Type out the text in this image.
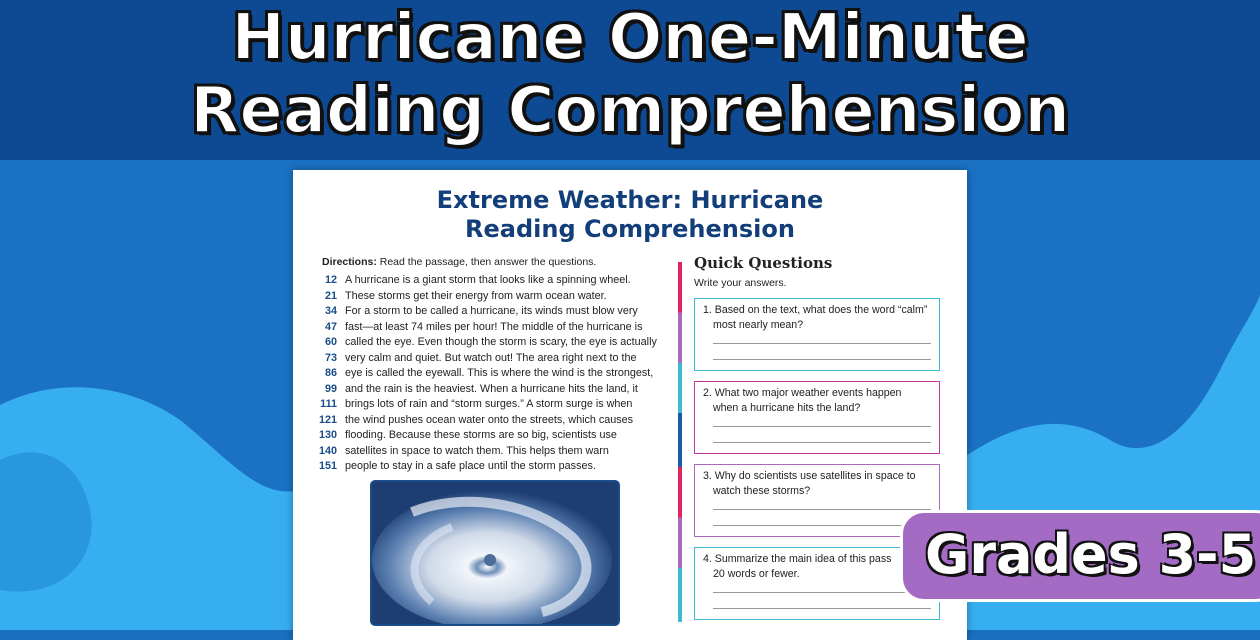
Hurricane One-Minute
Reading Comprehension
Extreme Weather: Hurricane
Reading Comprehension
Directions: Read the passage, then answer the questions.
12 A hurricane is a giant storm that looks like a spinning wheel.
21 These storms get their energy from warm ocean water.
34 For a storm to be called a hurricane, its winds must blow very
47 fast—at least 74 miles per hour! The middle of the hurricane is
60 called the eye. Even though the storm is scary, the eye is actually
73 very calm and quiet. But watch out! The area right next to the
86 eye is called the eyewall. This is where the wind is the strongest,
99 and the rain is the heaviest. When a hurricane hits the land, it
111 brings lots of rain and “storm surges.” A storm surge is when
121 the wind pushes ocean water onto the streets, which causes
130 flooding. Because these storms are so big, scientists use
140 satellites in space to watch them. This helps them warn
151 people to stay in a safe place until the storm passes.
Quick Questions
Write your answers.
1. Based on the text, what does the word “calm”
most nearly mean?
2. What two major weather events happen
when a hurricane hits the land?
3. Why do scientists use satellites in space to
watch these storms?
4. Summarize the main idea of this pass
20 words or fewer.	Grades 3-5
